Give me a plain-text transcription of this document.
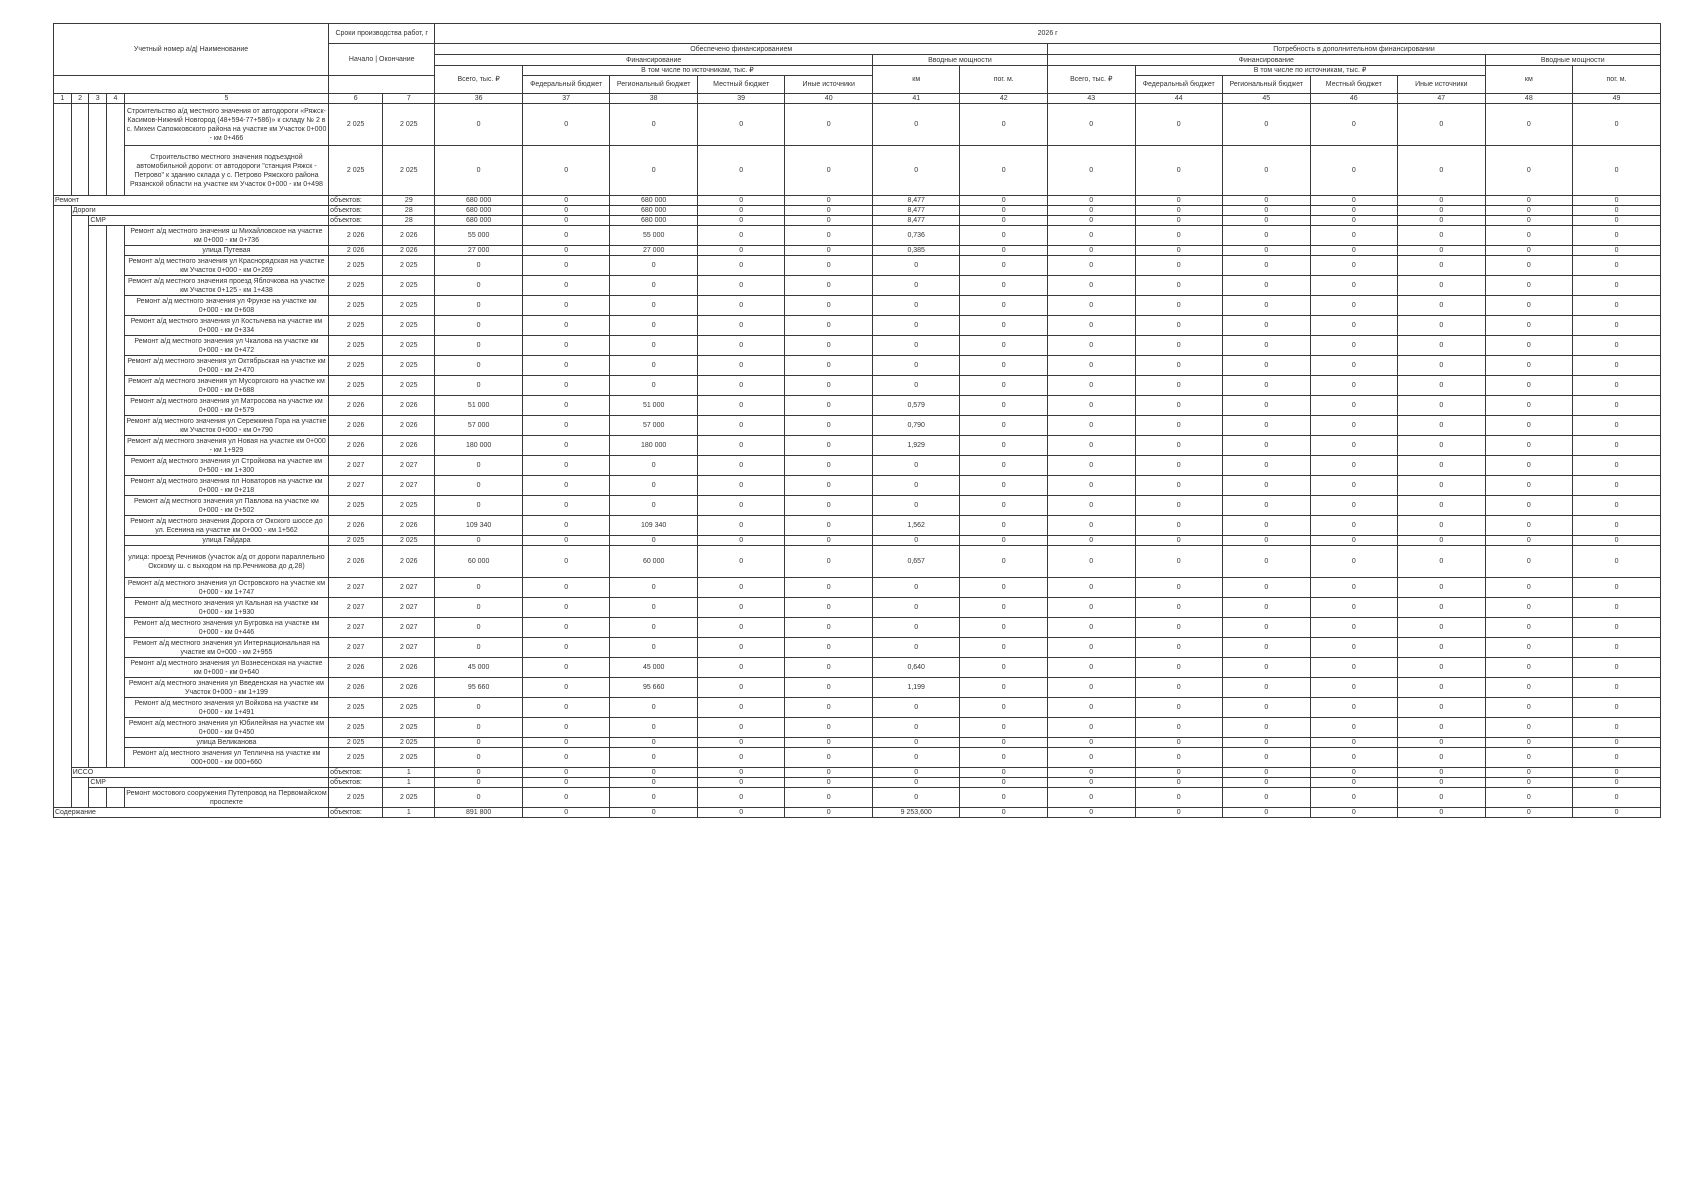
Учетный номер а/д| Наименование					Сроки производства работ, г		2026 г													
					Начало | Окончание		Обеспечено финансированием							Потребность в дополнительном финансировании						
							Финансирование					Вводные мощности		Финансирование					Вводные мощности	
							Всего, тыс. ₽	В том числе по источникам, тыс. ₽				км	пог. м.	Всего, тыс. ₽	В том числе по источникам, тыс. ₽				км	пог. м.
								Федеральный бюджет	Региональный бюджет	Местный бюджет	Иные источники				Федеральный бюджет	Региональный бюджет	Местный бюджет	Иные источники		
1	2	3	4	5	6	7	36	37	38	39	40	41	42	43	44	45	46	47	48	49
				Строительство а/д местного значения от автодороги «Ряжск-Касимов-Нижний Новгород (48+594-77+586)» к складу № 2 в с. Михеи Сапожковского района на участке км Участок 0+000 - км 0+466	2 025	2 025	0	0	0	0	0	0	0	0	0	0	0	0	0	0
				Строительство местного значения подъездной автомобильной дороги: от автодороги "станция Ряжск - Петрово" к зданию склада у с. Петрово Ряжского района Рязанской области на участке км Участок 0+000 - км 0+498	2 025	2 025	0	0	0	0	0	0	0	0	0	0	0	0	0	0
Ремонт					объектов:	29	680 000	0	680 000	0	0	8,477	0	0	0	0	0	0	0	0
	Дороги				объектов:	28	680 000	0	680 000	0	0	8,477	0	0	0	0	0	0	0	0
		СМР			объектов:	28	680 000	0	680 000	0	0	8,477	0	0	0	0	0	0	0	0
				Ремонт а/д местного значения ш Михайловское на участке км 0+000 - км 0+736	2 026	2 026	55 000	0	55 000	0	0	0,736	0	0	0	0	0	0	0	0
				улица Путевая	2 026	2 026	27 000	0	27 000	0	0	0,385	0	0	0	0	0	0	0	0
				Ремонт а/д местного значения ул Краснорядская на участке км Участок 0+000 - км 0+269	2 025	2 025	0	0	0	0	0	0	0	0	0	0	0	0	0	0
				Ремонт а/д местного значения проезд Яблочкова на участке км Участок 0+125 - км 1+438	2 025	2 025	0	0	0	0	0	0	0	0	0	0	0	0	0	0
				Ремонт а/д местного значения ул Фрунзе на участке км 0+000 - км 0+608	2 025	2 025	0	0	0	0	0	0	0	0	0	0	0	0	0	0
				Ремонт а/д местного значения ул Костычева на участке км 0+000 - км 0+334	2 025	2 025	0	0	0	0	0	0	0	0	0	0	0	0	0	0
				Ремонт а/д местного значения ул Чкалова на участке км 0+000 - км 0+472	2 025	2 025	0	0	0	0	0	0	0	0	0	0	0	0	0	0
				Ремонт а/д местного значения ул Октябрьская на участке км 0+000 - км 2+470	2 025	2 025	0	0	0	0	0	0	0	0	0	0	0	0	0	0
				Ремонт а/д местного значения ул Мусоргского на участке км 0+000 - км 0+688	2 025	2 025	0	0	0	0	0	0	0	0	0	0	0	0	0	0
				Ремонт а/д местного значения ул Матросова на участке км 0+000 - км 0+579	2 026	2 026	51 000	0	51 000	0	0	0,579	0	0	0	0	0	0	0	0
				Ремонт а/д местного значения ул Сережкина Гора на участке км Участок 0+000 - км 0+790	2 026	2 026	57 000	0	57 000	0	0	0,790	0	0	0	0	0	0	0	0
				Ремонт а/д местного значения ул Новая на участке км 0+000 - км 1+929	2 026	2 026	180 000	0	180 000	0	0	1,929	0	0	0	0	0	0	0	0
				Ремонт а/д местного значения ул Стройкова на участке км 0+500 - км 1+300	2 027	2 027	0	0	0	0	0	0	0	0	0	0	0	0	0	0
				Ремонт а/д местного значения пл Новаторов на участке км 0+000 - км 0+218	2 027	2 027	0	0	0	0	0	0	0	0	0	0	0	0	0	0
				Ремонт а/д местного значения ул Павлова на участке км 0+000 - км 0+502	2 025	2 025	0	0	0	0	0	0	0	0	0	0	0	0	0	0
				Ремонт а/д местного значения Дорога от Окского шоссе до ул. Есенина на участке км 0+000 - км 1+562	2 026	2 026	109 340	0	109 340	0	0	1,562	0	0	0	0	0	0	0	0
				улица Гайдара	2 025	2 025	0	0	0	0	0	0	0	0	0	0	0	0	0	0
				улица: проезд Речников (участок а/д от дороги параллельно Окскому ш. с выходом на пр.Речникова до д.28)	2 026	2 026	60 000	0	60 000	0	0	0,657	0	0	0	0	0	0	0	0
				Ремонт а/д местного значения ул Островского на участке км 0+000 - км 1+747	2 027	2 027	0	0	0	0	0	0	0	0	0	0	0	0	0	0
				Ремонт а/д местного значения ул Кальная на участке км 0+000 - км 1+930	2 027	2 027	0	0	0	0	0	0	0	0	0	0	0	0	0	0
				Ремонт а/д местного значения ул Бугровка на участке км 0+000 - км 0+446	2 027	2 027	0	0	0	0	0	0	0	0	0	0	0	0	0	0
				Ремонт а/д местного значения ул Интернациональная на участке км 0+000 - км 2+955	2 027	2 027	0	0	0	0	0	0	0	0	0	0	0	0	0	0
				Ремонт а/д местного значения ул Вознесенская на участке км 0+000 - км 0+640	2 026	2 026	45 000	0	45 000	0	0	0,640	0	0	0	0	0	0	0	0
				Ремонт а/д местного значения ул Введенская на участке км Участок 0+000 - км 1+199	2 026	2 026	95 660	0	95 660	0	0	1,199	0	0	0	0	0	0	0	0
				Ремонт а/д местного значения ул Войкова на участке км 0+000 - км 1+491	2 025	2 025	0	0	0	0	0	0	0	0	0	0	0	0	0	0
				Ремонт а/д местного значения ул Юбилейная на участке км 0+000 - км 0+450	2 025	2 025	0	0	0	0	0	0	0	0	0	0	0	0	0	0
				улица Великанова	2 025	2 025	0	0	0	0	0	0	0	0	0	0	0	0	0	0
				Ремонт а/д местного значения ул Теплична на участке км 000+000 - км 000+660	2 025	2 025	0	0	0	0	0	0	0	0	0	0	0	0	0	0
	ИССО				объектов:	1	0	0	0	0	0	0	0	0	0	0	0	0	0	0
		СМР			объектов:	1	0	0	0	0	0	0	0	0	0	0	0	0	0	0
				Ремонт мостового сооружения Путепровод на Первомайском проспекте	2 025	2 025	0	0	0	0	0	0	0	0	0	0	0	0	0	0
Содержание					объектов:	1	891 800	0	0	0	0	9 253,600	0	0	0	0	0	0	0	0
